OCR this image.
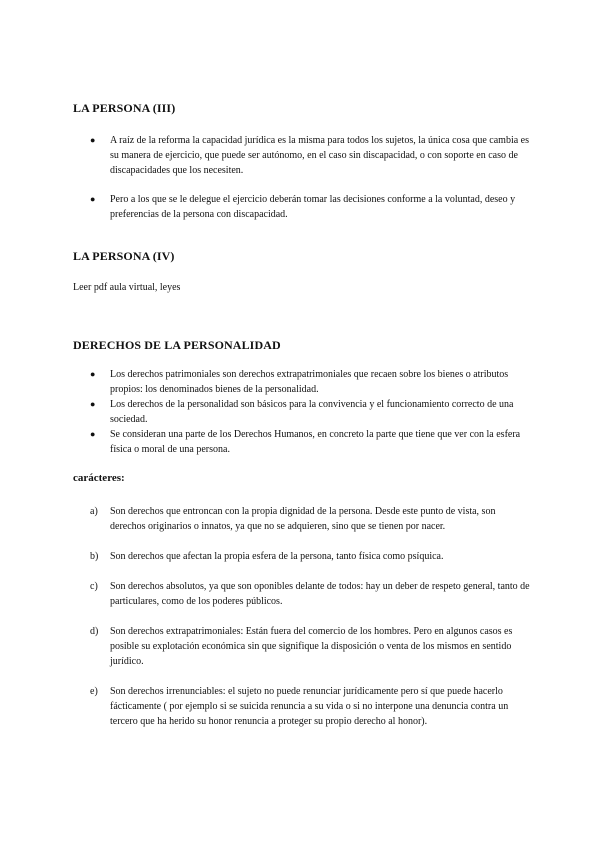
LA PERSONA (III)
● A raíz de la reforma la capacidad jurídica es la misma para todos los sujetos, la única cosa que cambia es su manera de ejercicio, que puede ser autónomo, en el caso sin discapacidad, o con soporte en caso de discapacidades que los necesiten.
● Pero a los que se le delegue el ejercicio deberán tomar las decisiones conforme a la voluntad, deseo y preferencias de la persona con discapacidad.
LA PERSONA (IV)

Leer pdf aula virtual, leyes

DERECHOS DE LA PERSONALIDAD
● Los derechos patrimoniales son derechos extrapatrimoniales que recaen sobre los bienes o atributos propios: los denominados bienes de la personalidad.
● Los derechos de la personalidad son básicos para la convivencia y el funcionamiento correcto de una sociedad.
● Se consideran una parte de los Derechos Humanos, en concreto la parte que tiene que ver con la esfera física o moral de una persona.

carácteres:

a) Son derechos que entroncan con la propia dignidad de la persona. Desde este punto de vista, son derechos originarios o innatos, ya que no se adquieren, sino que se tienen por nacer.
b) Son derechos que afectan la propia esfera de la persona, tanto física como psíquica.
c) Son derechos absolutos, ya que son oponibles delante de todos: hay un deber de respeto general, tanto de particulares, como de los poderes públicos.
d) Son derechos extrapatrimoniales: Están fuera del comercio de los hombres. Pero en algunos casos es posible su explotación económica sin que signifique la disposición o venta de los mismos en sentido jurídico.
e) Son derechos irrenunciables: el sujeto no puede renunciar jurídicamente pero sí que puede hacerlo fácticamente ( por ejemplo si se suicida renuncia a su vida o si no interpone una denuncia contra un tercero que ha herido su honor renuncia a proteger su propio derecho al honor).
